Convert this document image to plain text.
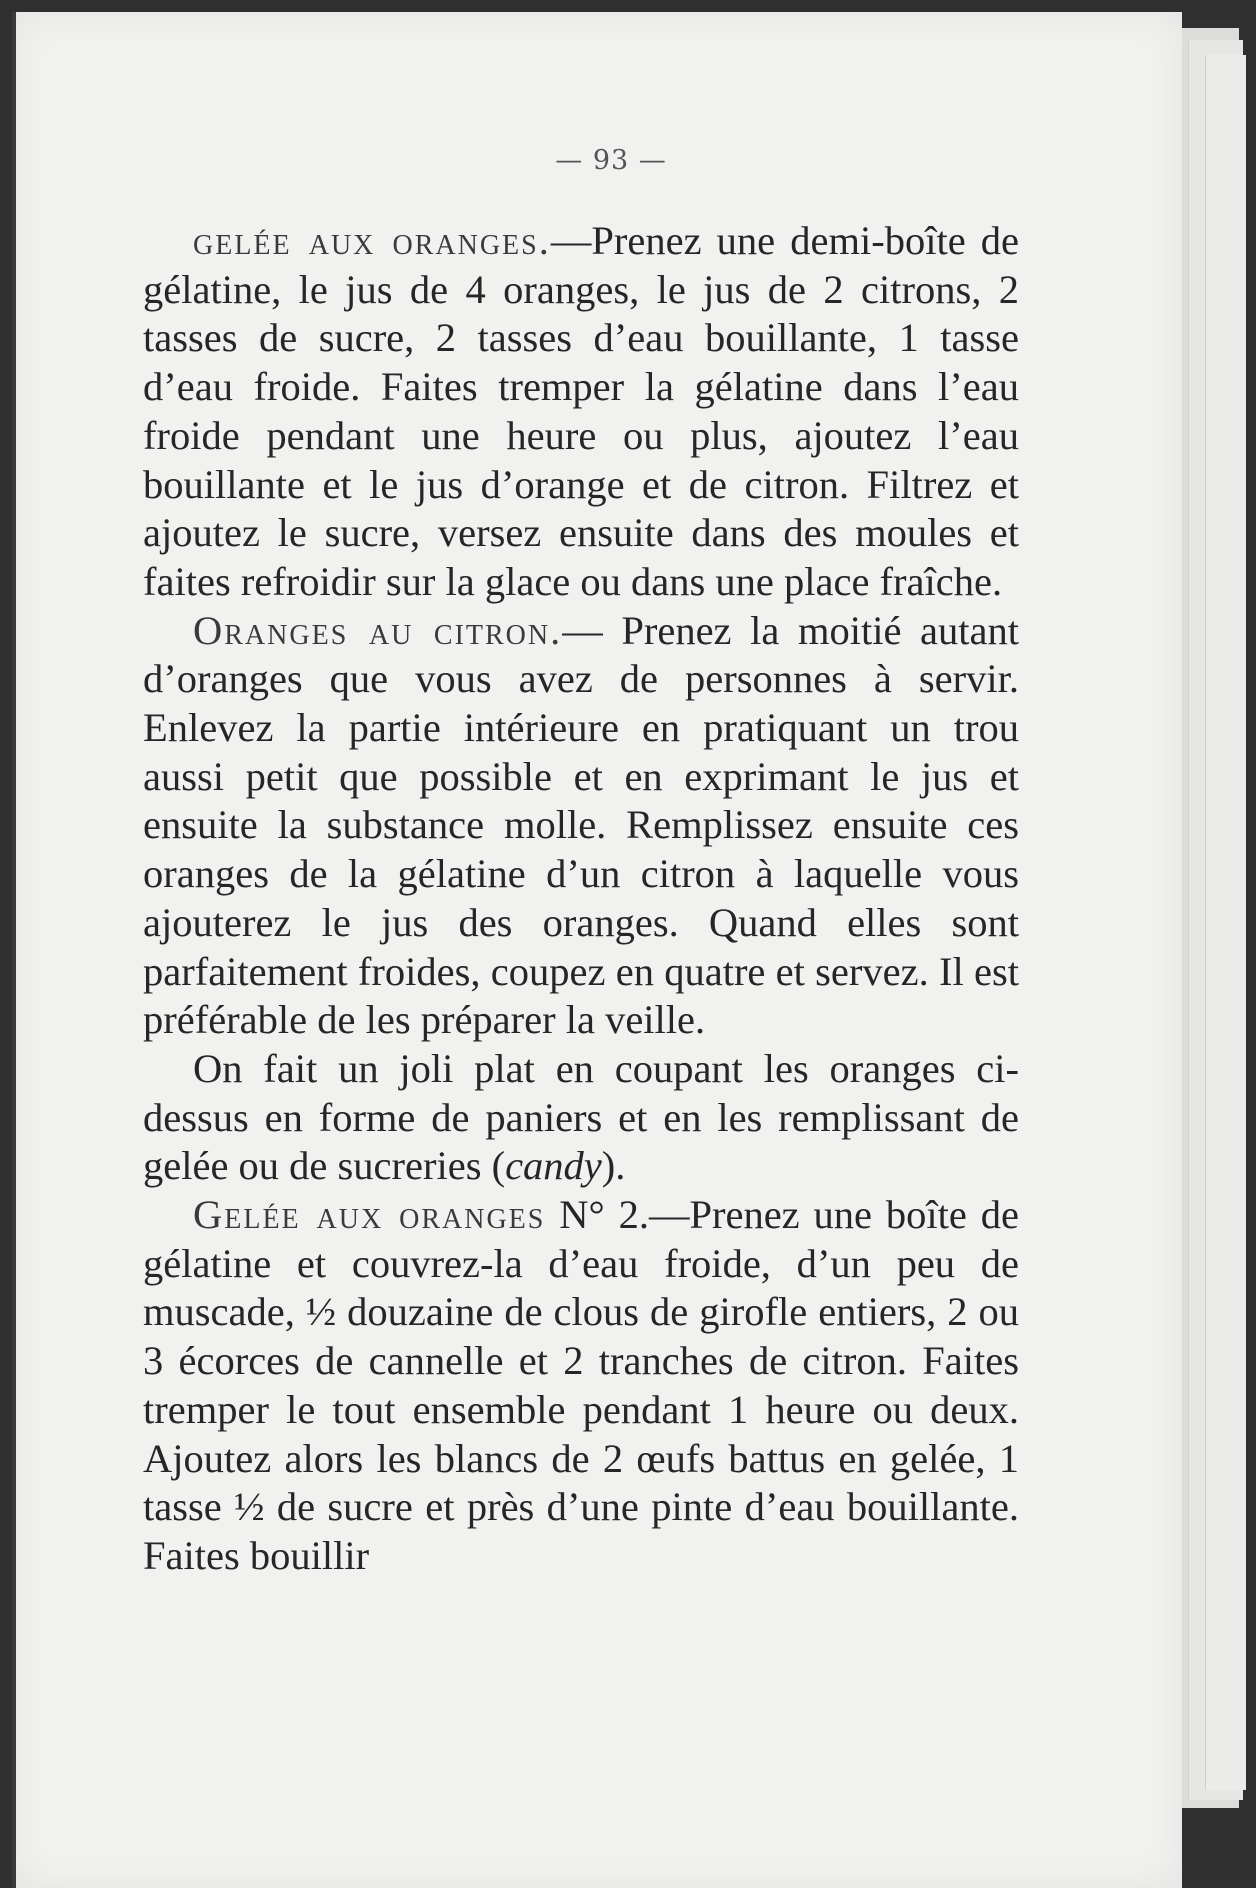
— 93 —

gelée aux oranges.—Prenez une demi-boîte de gélatine, le jus de 4 oranges, le jus de 2 citrons, 2 tasses de sucre, 2 tasses d’eau bouillante, 1 tasse d’eau froide. Faites tremper la gélatine dans l’eau froide pendant une heure ou plus, ajoutez l’eau bouillante et le jus d’orange et de citron. Filtrez et ajoutez le sucre, versez ensuite dans des moules et faites refroidir sur la glace ou dans une place fraîche.

Oranges au citron.— Prenez la moitié autant d’oranges que vous avez de personnes à servir. Enlevez la partie intérieure en pratiquant un trou aussi petit que possible et en exprimant le jus et ensuite la substance molle. Remplissez ensuite ces oranges de la gélatine d’un citron à laquelle vous ajouterez le jus des oranges. Quand elles sont parfaitement froides, coupez en quatre et servez. Il est préférable de les préparer la veille.

On fait un joli plat en coupant les oranges ci-dessus en forme de paniers et en les remplissant de gelée ou de sucreries (candy).

Gelée aux oranges N° 2.—Prenez une boîte de gélatine et couvrez-la d’eau froide, d’un peu de muscade, ½ douzaine de clous de girofle entiers, 2 ou 3 écorces de cannelle et 2 tranches de citron. Faites tremper le tout ensemble pendant 1 heure ou deux. Ajoutez alors les blancs de 2 œufs battus en gelée, 1 tasse ½ de sucre et près d’une pinte d’eau bouillante. Faites bouillir
